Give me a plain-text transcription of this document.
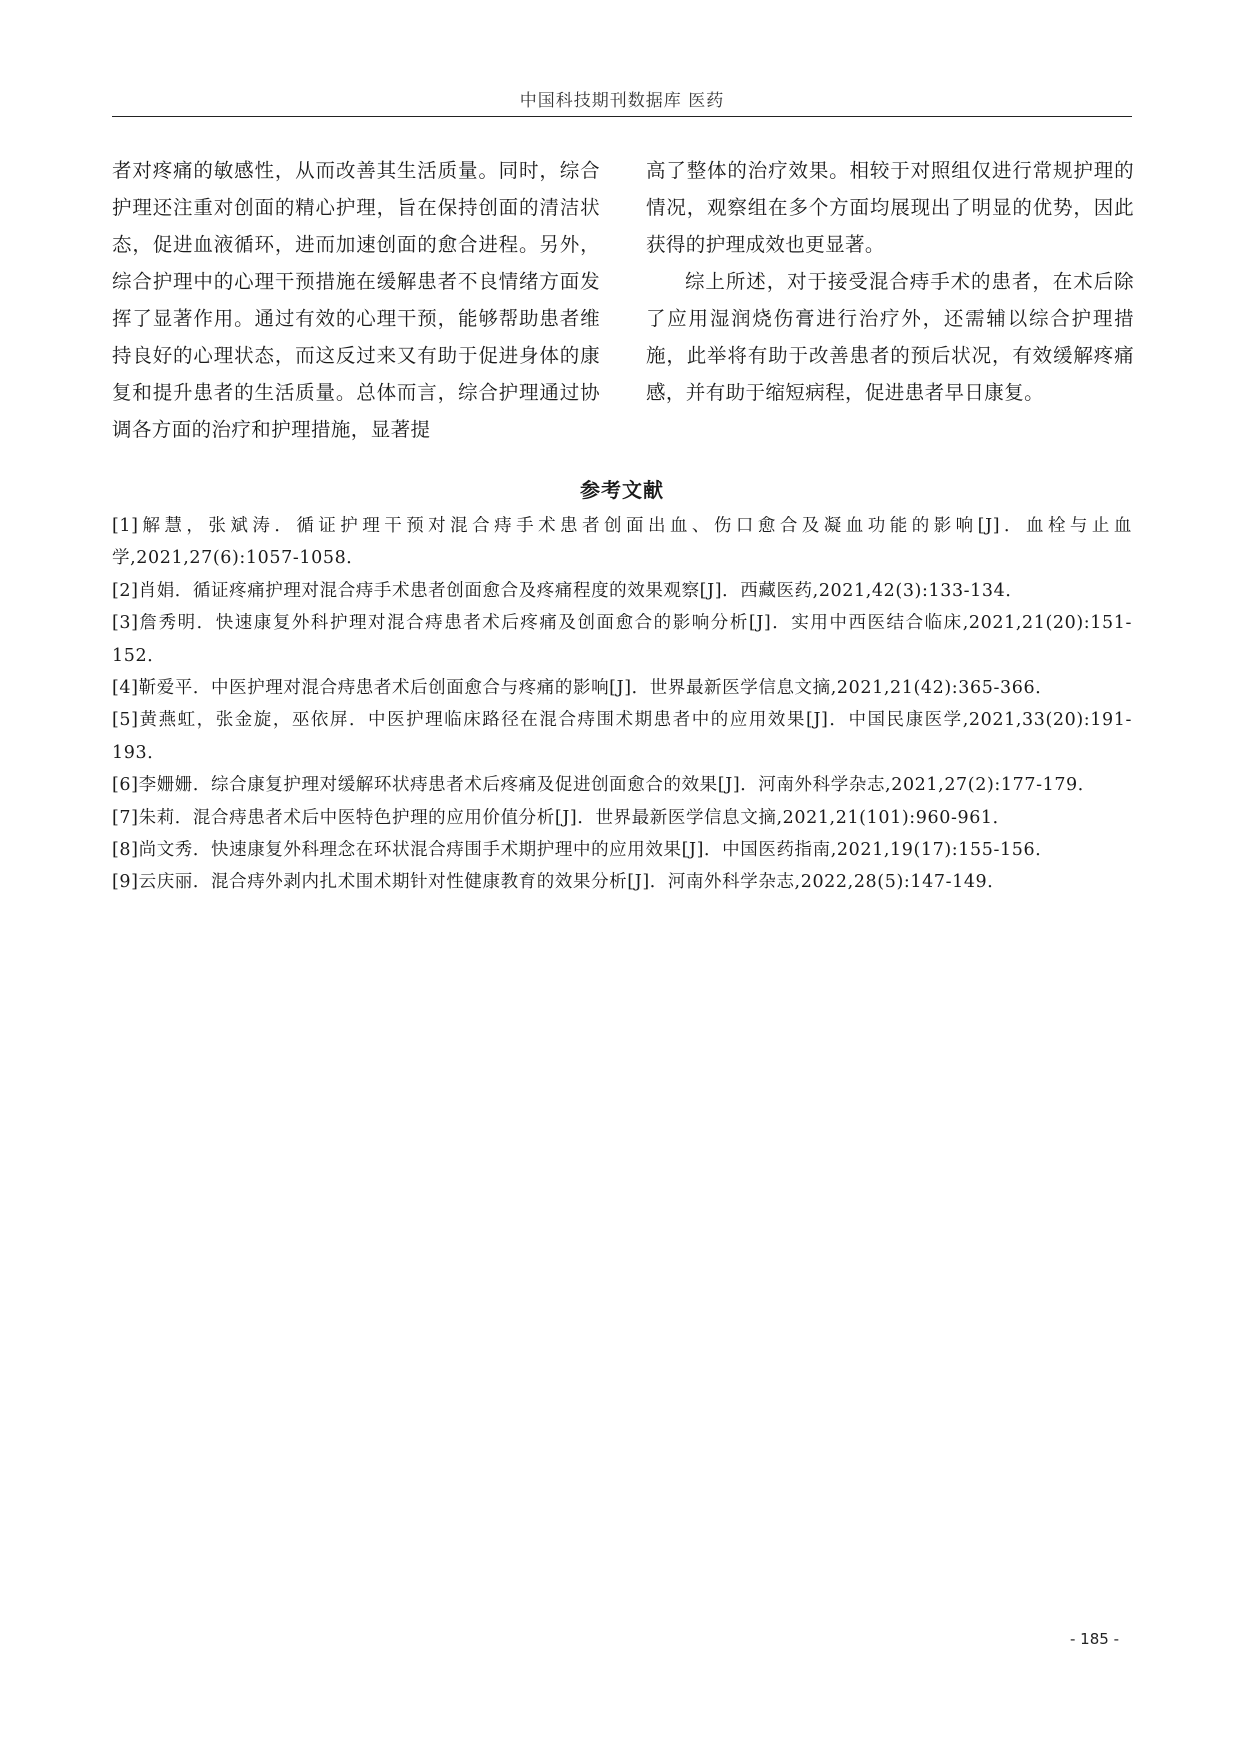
中国科技期刊数据库 医药

者对疼痛的敏感性，从而改善其生活质量。同时，综合护理还注重对创面的精心护理，旨在保持创面的清洁状态，促进血液循环，进而加速创面的愈合进程。另外，综合护理中的心理干预措施在缓解患者不良情绪方面发挥了显著作用。通过有效的心理干预，能够帮助患者维持良好的心理状态，而这反过来又有助于促进身体的康复和提升患者的生活质量。总体而言，综合护理通过协调各方面的治疗和护理措施，显著提

高了整体的治疗效果。相较于对照组仅进行常规护理的情况，观察组在多个方面均展现出了明显的优势，因此获得的护理成效也更显著。

综上所述，对于接受混合痔手术的患者，在术后除了应用湿润烧伤膏进行治疗外，还需辅以综合护理措施，此举将有助于改善患者的预后状况，有效缓解疼痛感，并有助于缩短病程，促进患者早日康复。

参考文献

[1]解慧，张斌涛．循证护理干预对混合痔手术患者创面出血、伤口愈合及凝血功能的影响[J]．血栓与止血学,2021,27(6):1057-1058．

[2]肖娟．循证疼痛护理对混合痔手术患者创面愈合及疼痛程度的效果观察[J]．西藏医药,2021,42(3):133-134．

[3]詹秀明．快速康复外科护理对混合痔患者术后疼痛及创面愈合的影响分析[J]．实用中西医结合临床,2021,21(20):151-152．

[4]靳爱平．中医护理对混合痔患者术后创面愈合与疼痛的影响[J]．世界最新医学信息文摘,2021,21(42):365-366．

[5]黄燕虹，张金旋，巫依屏．中医护理临床路径在混合痔围术期患者中的应用效果[J]．中国民康医学,2021,33(20):191-193．

[6]李姗姗．综合康复护理对缓解环状痔患者术后疼痛及促进创面愈合的效果[J]．河南外科学杂志,2021,27(2):177-179．

[7]朱莉．混合痔患者术后中医特色护理的应用价值分析[J]．世界最新医学信息文摘,2021,21(101):960-961．

[8]尚文秀．快速康复外科理念在环状混合痔围手术期护理中的应用效果[J]．中国医药指南,2021,19(17):155-156．

[9]云庆丽．混合痔外剥内扎术围术期针对性健康教育的效果分析[J]．河南外科学杂志,2022,28(5):147-149．

- 185 -
